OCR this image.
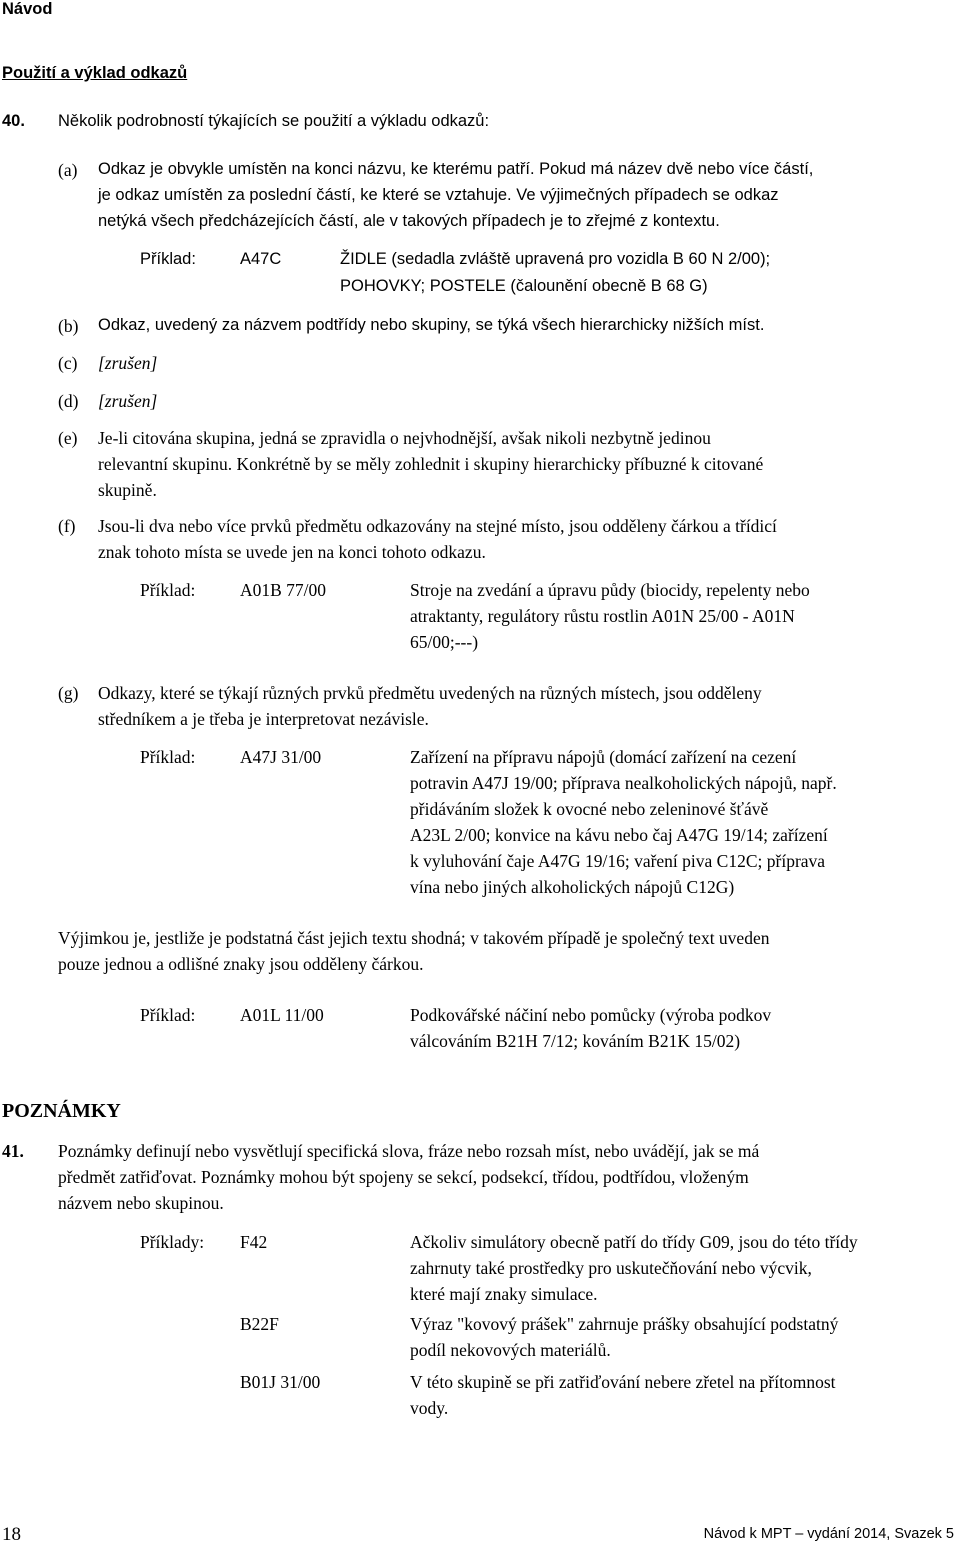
Návod
Použití a výklad odkazů
40. Několik podrobností týkajících se použití a výkladu odkazů:
(a) Odkaz je obvykle umístěn na konci názvu, ke kterému patří. Pokud má název dvě nebo více částí,
je odkaz umístěn za poslední částí, ke které se vztahuje. Ve výjimečných případech se odkaz
netýká všech předcházejících částí, ale v takových případech je to zřejmé z kontextu.
Příklad:	A47C	ŽIDLE (sedadla zvláště upravená pro vozidla B 60 N 2/00);
POHOVKY; POSTELE (čalounění obecně B 68 G)
(b) Odkaz, uvedený za názvem podtřídy nebo skupiny, se týká všech hierarchicky nižších míst.
(c) [zrušen]
(d) [zrušen]
(e) Je-li citována skupina, jedná se zpravidla o nejvhodnější, avšak nikoli nezbytně jedinou
relevantní skupinu. Konkrétně by se měly zohlednit i skupiny hierarchicky příbuzné k citované
skupině.
(f) Jsou-li dva nebo více prvků předmětu odkazovány na stejné místo, jsou odděleny čárkou a třídicí
znak tohoto místa se uvede jen na konci tohoto odkazu.
Příklad:	A01B 77/00	Stroje na zvedání a úpravu půdy (biocidy, repelenty nebo
atraktanty, regulátory růstu rostlin A01N 25/00 - A01N
65/00;---)
(g) Odkazy, které se týkají různých prvků předmětu uvedených na různých místech, jsou odděleny
středníkem a je třeba je interpretovat nezávisle.
Příklad:	A47J 31/00	Zařízení na přípravu nápojů (domácí zařízení na cezení
potravin A47J 19/00; příprava nealkoholických nápojů, např.
přidáváním složek k ovocné nebo zeleninové šťávě
A23L 2/00; konvice na kávu nebo čaj A47G 19/14; zařízení
k vyluhování čaje A47G 19/16; vaření piva C12C; příprava
vína nebo jiných alkoholických nápojů C12G)
Výjimkou je, jestliže je podstatná část jejich textu shodná; v takovém případě je společný text uveden
pouze jednou a odlišné znaky jsou odděleny čárkou.
Příklad:	A01L 11/00	Podkovářské náčiní nebo pomůcky (výroba podkov
válcováním B21H 7/12; kováním B21K 15/02)
POZNÁMKY
41. Poznámky definují nebo vysvětlují specifická slova, fráze nebo rozsah míst, nebo uvádějí, jak se má
předmět zatřiďovat. Poznámky mohou být spojeny se sekcí, podsekcí, třídou, podtřídou, vloženým
názvem nebo skupinou.
Příklady: F42	Ačkoliv simulátory obecně patří do třídy G09, jsou do této třídy
zahrnuty také prostředky pro uskutečňování nebo výcvik,
které mají znaky simulace.
B22F	Výraz "kovový prášek" zahrnuje prášky obsahující podstatný
podíl nekovových materiálů.
B01J 31/00	V této skupině se při zatřiďování nebere zřetel na přítomnost
vody.
18	Návod k MPT – vydání 2014, Svazek 5
